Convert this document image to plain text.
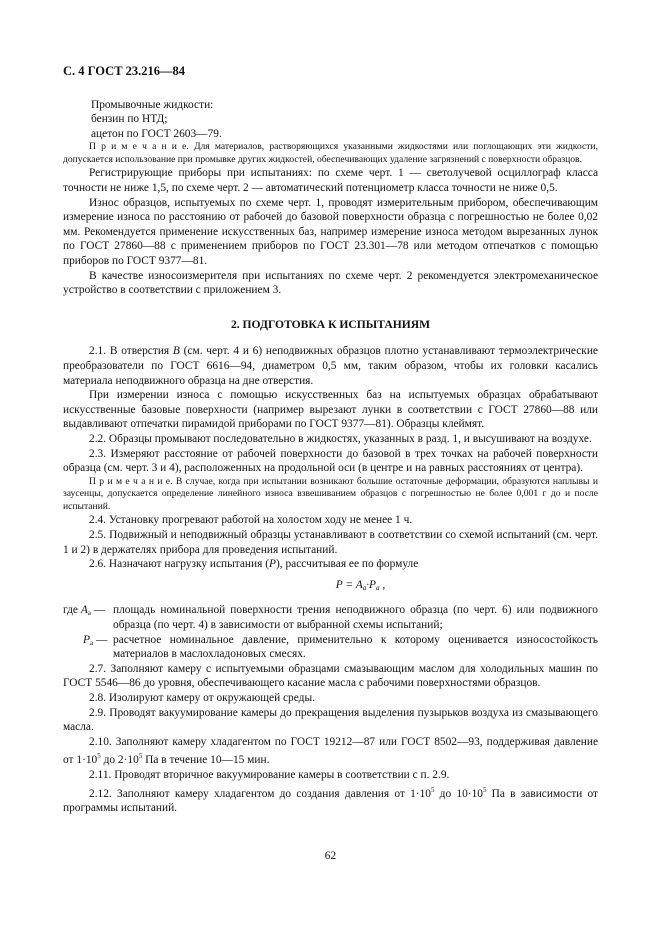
С. 4 ГОСТ 23.216—84
Промывочные жидкости:
бензин по НТД;
ацетон по ГОСТ 2603—79.

П р и м е ч а н и е. Для материалов, растворяющихся указанными жидкостями или поглощающих эти жидкости, допускается использование при промывке других жидкостей, обеспечивающих удаление загрязнений с поверхности образцов.

Регистрирующие приборы при испытаниях: по схеме черт. 1 — светолучевой осциллограф класса точности не ниже 1,5, по схеме черт. 2 — автоматический потенциометр класса точности не ниже 0,5.

Износ образцов, испытуемых по схеме черт. 1, проводят измерительным прибором, обеспечивающим измерение износа по расстоянию от рабочей до базовой поверхности образца с погрешностью не более 0,02 мм. Рекомендуется применение искусственных баз, например измерение износа методом вырезанных лунок по ГОСТ 27860—88 с применением приборов по ГОСТ 23.301—78 или методом отпечатков с помощью приборов по ГОСТ 9377—81.

В качестве износоизмерителя при испытаниях по схеме черт. 2 рекомендуется электромеханическое устройство в соответствии с приложением 3.

2. ПОДГОТОВКА К ИСПЫТАНИЯМ

2.1. В отверстия В (см. черт. 4 и 6) неподвижных образцов плотно устанавливают термоэлектрические преобразователи по ГОСТ 6616—94, диаметром 0,5 мм, таким образом, чтобы их головки касались материала неподвижного образца на дне отверстия.

При измерении износа с помощью искусственных баз на испытуемых образцах обрабатывают искусственные базовые поверхности (например вырезают лунки в соответствии с ГОСТ 27860—88 или выдавливают отпечатки пирамидой приборами по ГОСТ 9377—81). Образцы клеймят.

2.2. Образцы промывают последовательно в жидкостях, указанных в разд. 1, и высушивают на воздухе.

2.3. Измеряют расстояние от рабочей поверхности до базовой в трех точках на рабочей поверхности образца (см. черт. 3 и 4), расположенных на продольной оси (в центре и на равных расстояниях от центра).

П р и м е ч а н и е. В случае, когда при испытании возникают большие остаточные деформации, образуются наплывы и заусенцы, допускается определение линейного износа взвешиванием образцов с погрешностью не более 0,001 г до и после испытаний.

2.4. Установку прогревают работой на холостом ходу не менее 1 ч.

2.5. Подвижный и неподвижный образцы устанавливают в соответствии со схемой испытаний (см. черт. 1 и 2) в держателях прибора для проведения испытаний.

2.6. Назначают нагрузку испытания (P), рассчитывая ее по формуле

$P = A_a\cdot P_a$ ,
где $A_a$ — площадь номинальной поверхности трения неподвижного образца (по черт. 6) или подвижного образца (по черт. 4) в зависимости от выбранной схемы испытаний;
$P_a$ — расчетное номинальное давление, применительно к которому оценивается износостойкость материалов в маслохладоновых смесях.

2.7. Заполняют камеру с испытуемыми образцами смазывающим маслом для холодильных машин по ГОСТ 5546—86 до уровня, обеспечивающего касание масла с рабочими поверхностями образцов.

2.8. Изолируют камеру от окружающей среды.

2.9. Проводят вакуумирование камеры до прекращения выделения пузырьков воздуха из смазывающего масла.

2.10. Заполняют камеру хладагентом по ГОСТ 19212—87 или ГОСТ 8502—93, поддерживая давление от $1\cdot 10^5$ до $2\cdot 10^5$ Па в течение 10—15 мин.

2.11. Проводят вторичное вакуумирование камеры в соответствии с п. 2.9.

2.12. Заполняют камеру хладагентом до создания давления от $1\cdot 10^5$ до $10\cdot 10^5$ Па в зависимости от программы испытаний.

62
